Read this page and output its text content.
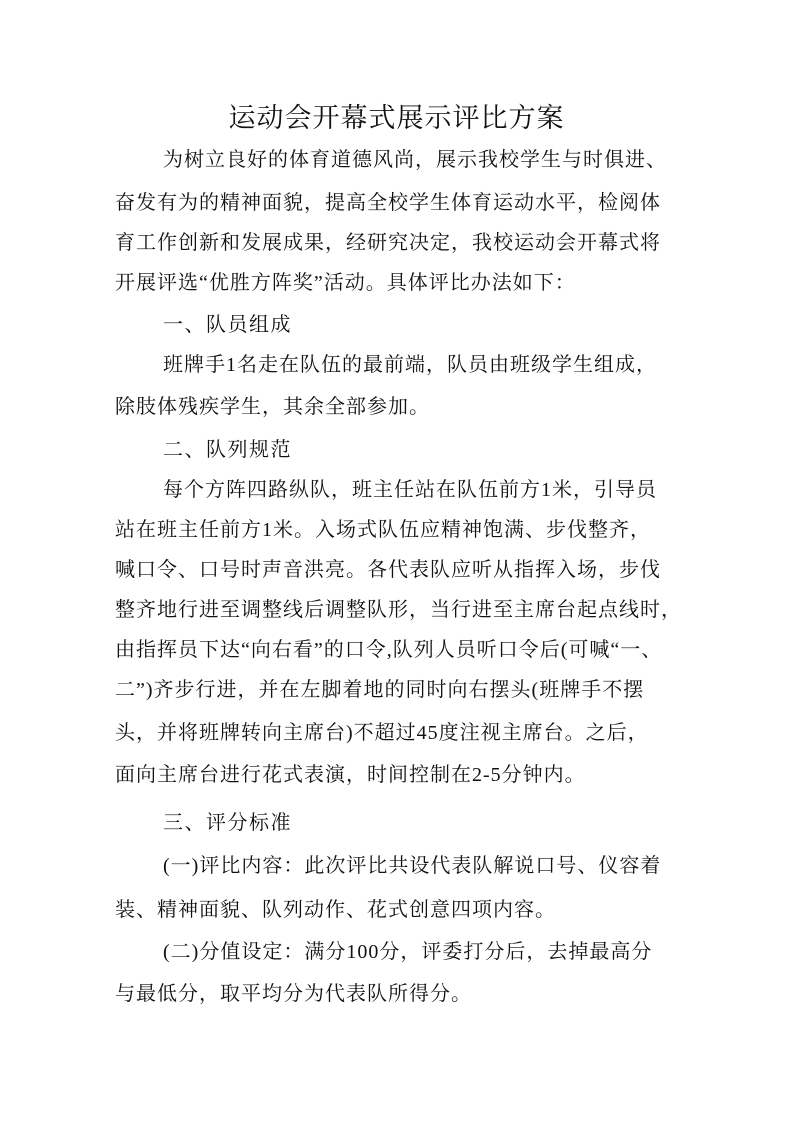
运动会开幕式展示评比方案
为树立良好的体育道德风尚，展示我校学生与时俱进、
奋发有为的精神面貌，提高全校学生体育运动水平，检阅体
育工作创新和发展成果，经研究决定，我校运动会开幕式将
开展评选“优胜方阵奖”活动。具体评比办法如下：
一、队员组成
班牌手1名走在队伍的最前端，队员由班级学生组成，
除肢体残疾学生，其余全部参加。
二、队列规范
每个方阵四路纵队，班主任站在队伍前方1米，引导员
站在班主任前方1米。入场式队伍应精神饱满、步伐整齐，
喊口令、口号时声音洪亮。各代表队应听从指挥入场，步伐
整齐地行进至调整线后调整队形，当行进至主席台起点线时，
由指挥员下达“向右看”的口令,队列人员听口令后(可喊“一、
二”)齐步行进，并在左脚着地的同时向右摆头(班牌手不摆
头，并将班牌转向主席台)不超过45度注视主席台。之后，
面向主席台进行花式表演，时间控制在2-5分钟内。
三、评分标准
(一)评比内容：此次评比共设代表队解说口号、仪容着
装、精神面貌、队列动作、花式创意四项内容。
(二)分值设定：满分100分，评委打分后，去掉最高分
与最低分，取平均分为代表队所得分。
